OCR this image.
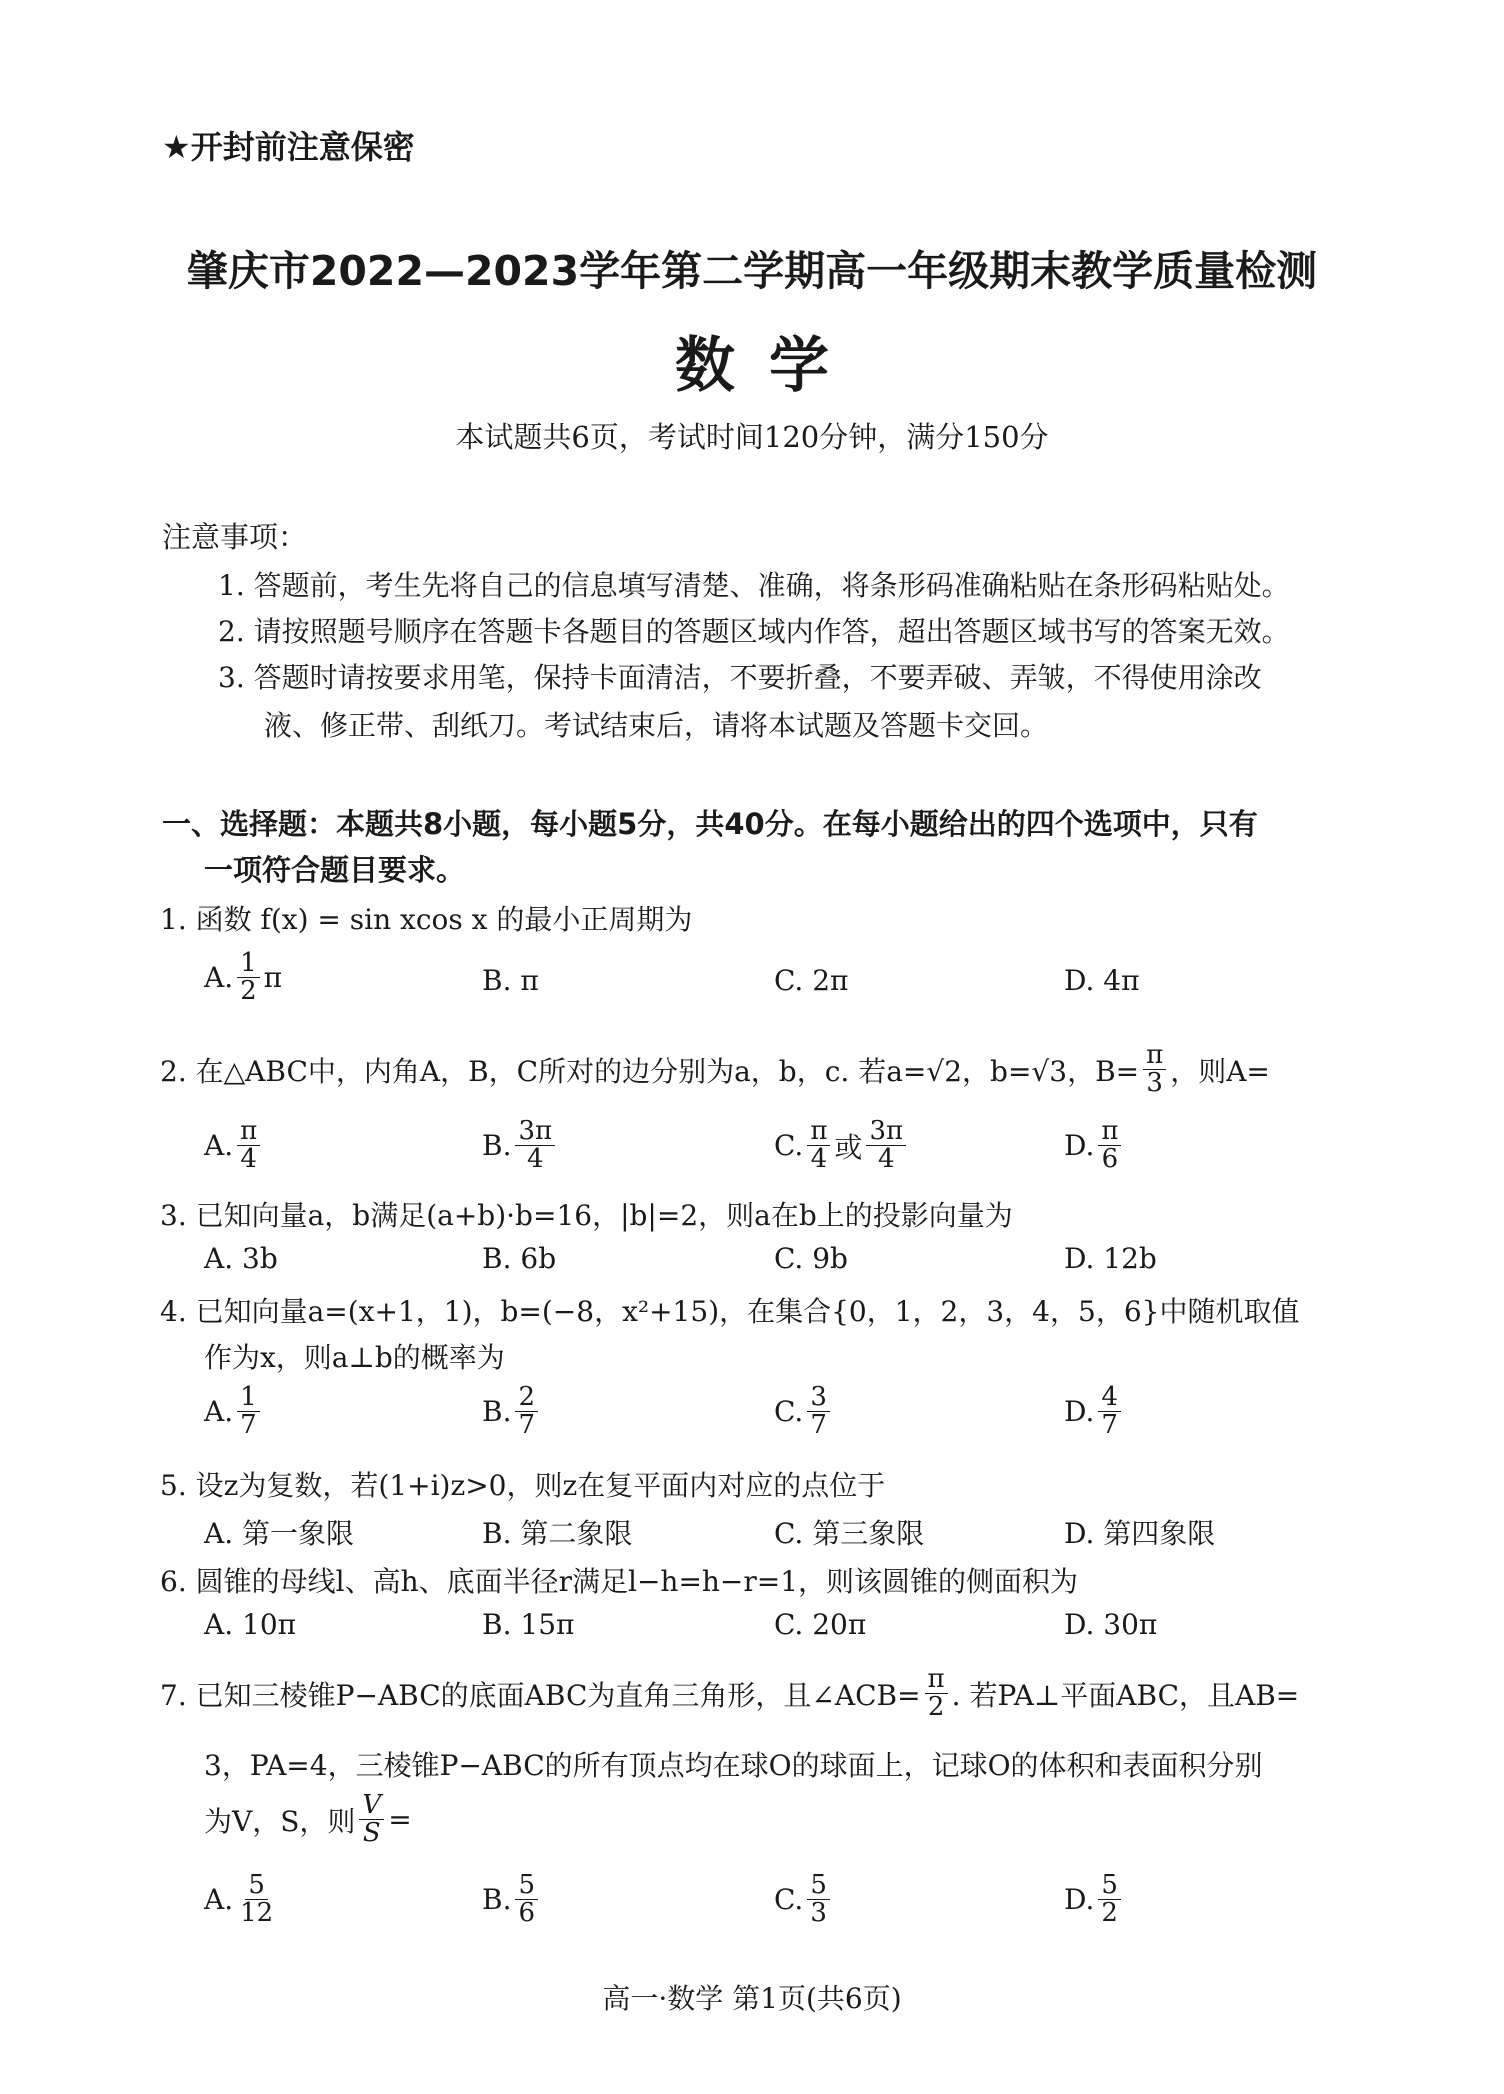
★开封前注意保密
肇庆市2022—2023学年第二学期高一年级期末教学质量检测
数学
本试题共6页，考试时间120分钟，满分150分
注意事项：
1. 答题前，考生先将自己的信息填写清楚、准确，将条形码准确粘贴在条形码粘贴处。
2. 请按照题号顺序在答题卡各题目的答题区域内作答，超出答题区域书写的答案无效。
3. 答题时请按要求用笔，保持卡面清洁，不要折叠，不要弄破、弄皱，不得使用涂改
液、修正带、刮纸刀。考试结束后，请将本试题及答题卡交回。
一、选择题：本题共8小题，每小题5分，共40分。在每小题给出的四个选项中，只有
一项符合题目要求。
1. 函数 f(x) = sin xcos x 的最小正周期为
A. $\frac{1}{2}$ π	B. π	C. 2π	D. 4π
2. 在△ABC中，内角A，B，C所对的边分别为a，b，c. 若a=√2，b=√3，$B= \frac{\pi}{3}$ ，则A=
A. $\frac{\pi}{4}$	B. $\frac{3\pi}{4}$	C. $\frac{\pi}{4}$ 或 $\frac{3\pi}{4}$	D. $\frac{\pi}{6}$
3. 已知向量a，b满足(a+b)·b=16，|b|=2，则a在b上的投影向量为
A. 3b	B. 6b	C. 9b	D. 12b
4. 已知向量a=(x+1，1)，b=(−8，x²+15)，在集合{0，1，2，3，4，5，6}中随机取值
作为x，则a⊥b的概率为
A. $\frac{1}{7}$	B. $\frac{2}{7}$	C. $\frac{3}{7}$	D. $\frac{4}{7}$
5. 设z为复数，若(1+i)z>0，则z在复平面内对应的点位于
A. 第一象限	B. 第二象限	C. 第三象限	D. 第四象限
6. 圆锥的母线l、高h、底面半径r满足l−h=h−r=1，则该圆锥的侧面积为
A. 10π	B. 15π	C. 20π	D. 30π
7. 已知三棱锥P−ABC的底面ABC为直角三角形，且∠ACB= $\frac{\pi}{2}$ . 若PA⊥平面ABC，且AB=
3，PA=4，三棱锥P−ABC的所有顶点均在球O的球面上，记球O的体积和表面积分别
为V，S，则 $\frac{V}{S}$ =
A. $\frac{5}{12}$	B. $\frac{5}{6}$	C. $\frac{5}{3}$	D. $\frac{5}{2}$
高一·数学 第1页(共6页)
